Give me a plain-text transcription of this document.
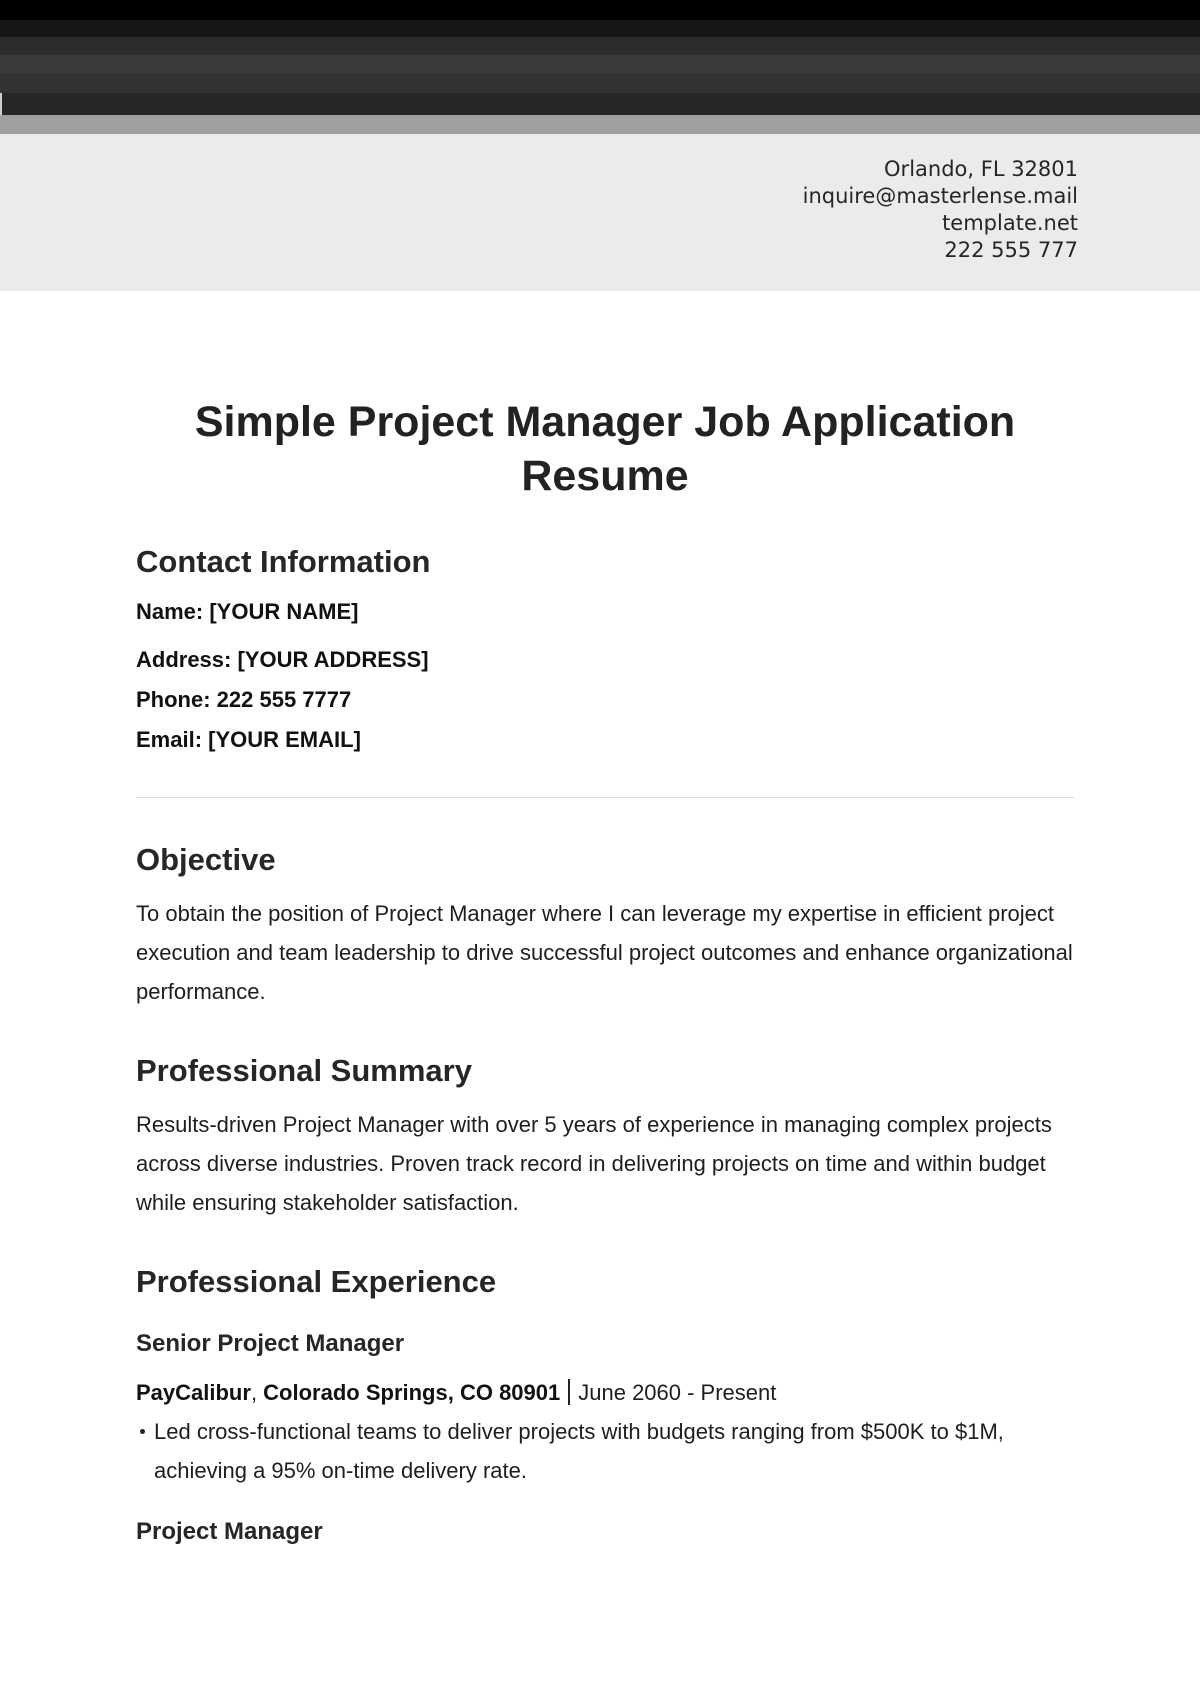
Orlando, FL 32801
inquire@masterlense.mail
template.net
222 555 777
Simple Project Manager Job Application Resume
Contact Information

Name: [YOUR NAME]

Address: [YOUR ADDRESS]

Phone: 222 555 7777

Email: [YOUR EMAIL]

Objective

To obtain the position of Project Manager where I can leverage my expertise in efficient project execution and team leadership to drive successful project outcomes and enhance organizational performance.

Professional Summary

Results-driven Project Manager with over 5 years of experience in managing complex projects across diverse industries. Proven track record in delivering projects on time and within budget while ensuring stakeholder satisfaction.

Professional Experience
Senior Project Manager
PayCalibur, Colorado Springs, CO 80901 June 2060 - Present
Led cross-functional teams to deliver projects with budgets ranging from $500K to $1M, achieving a 95% on-time delivery rate.
Project Manager
